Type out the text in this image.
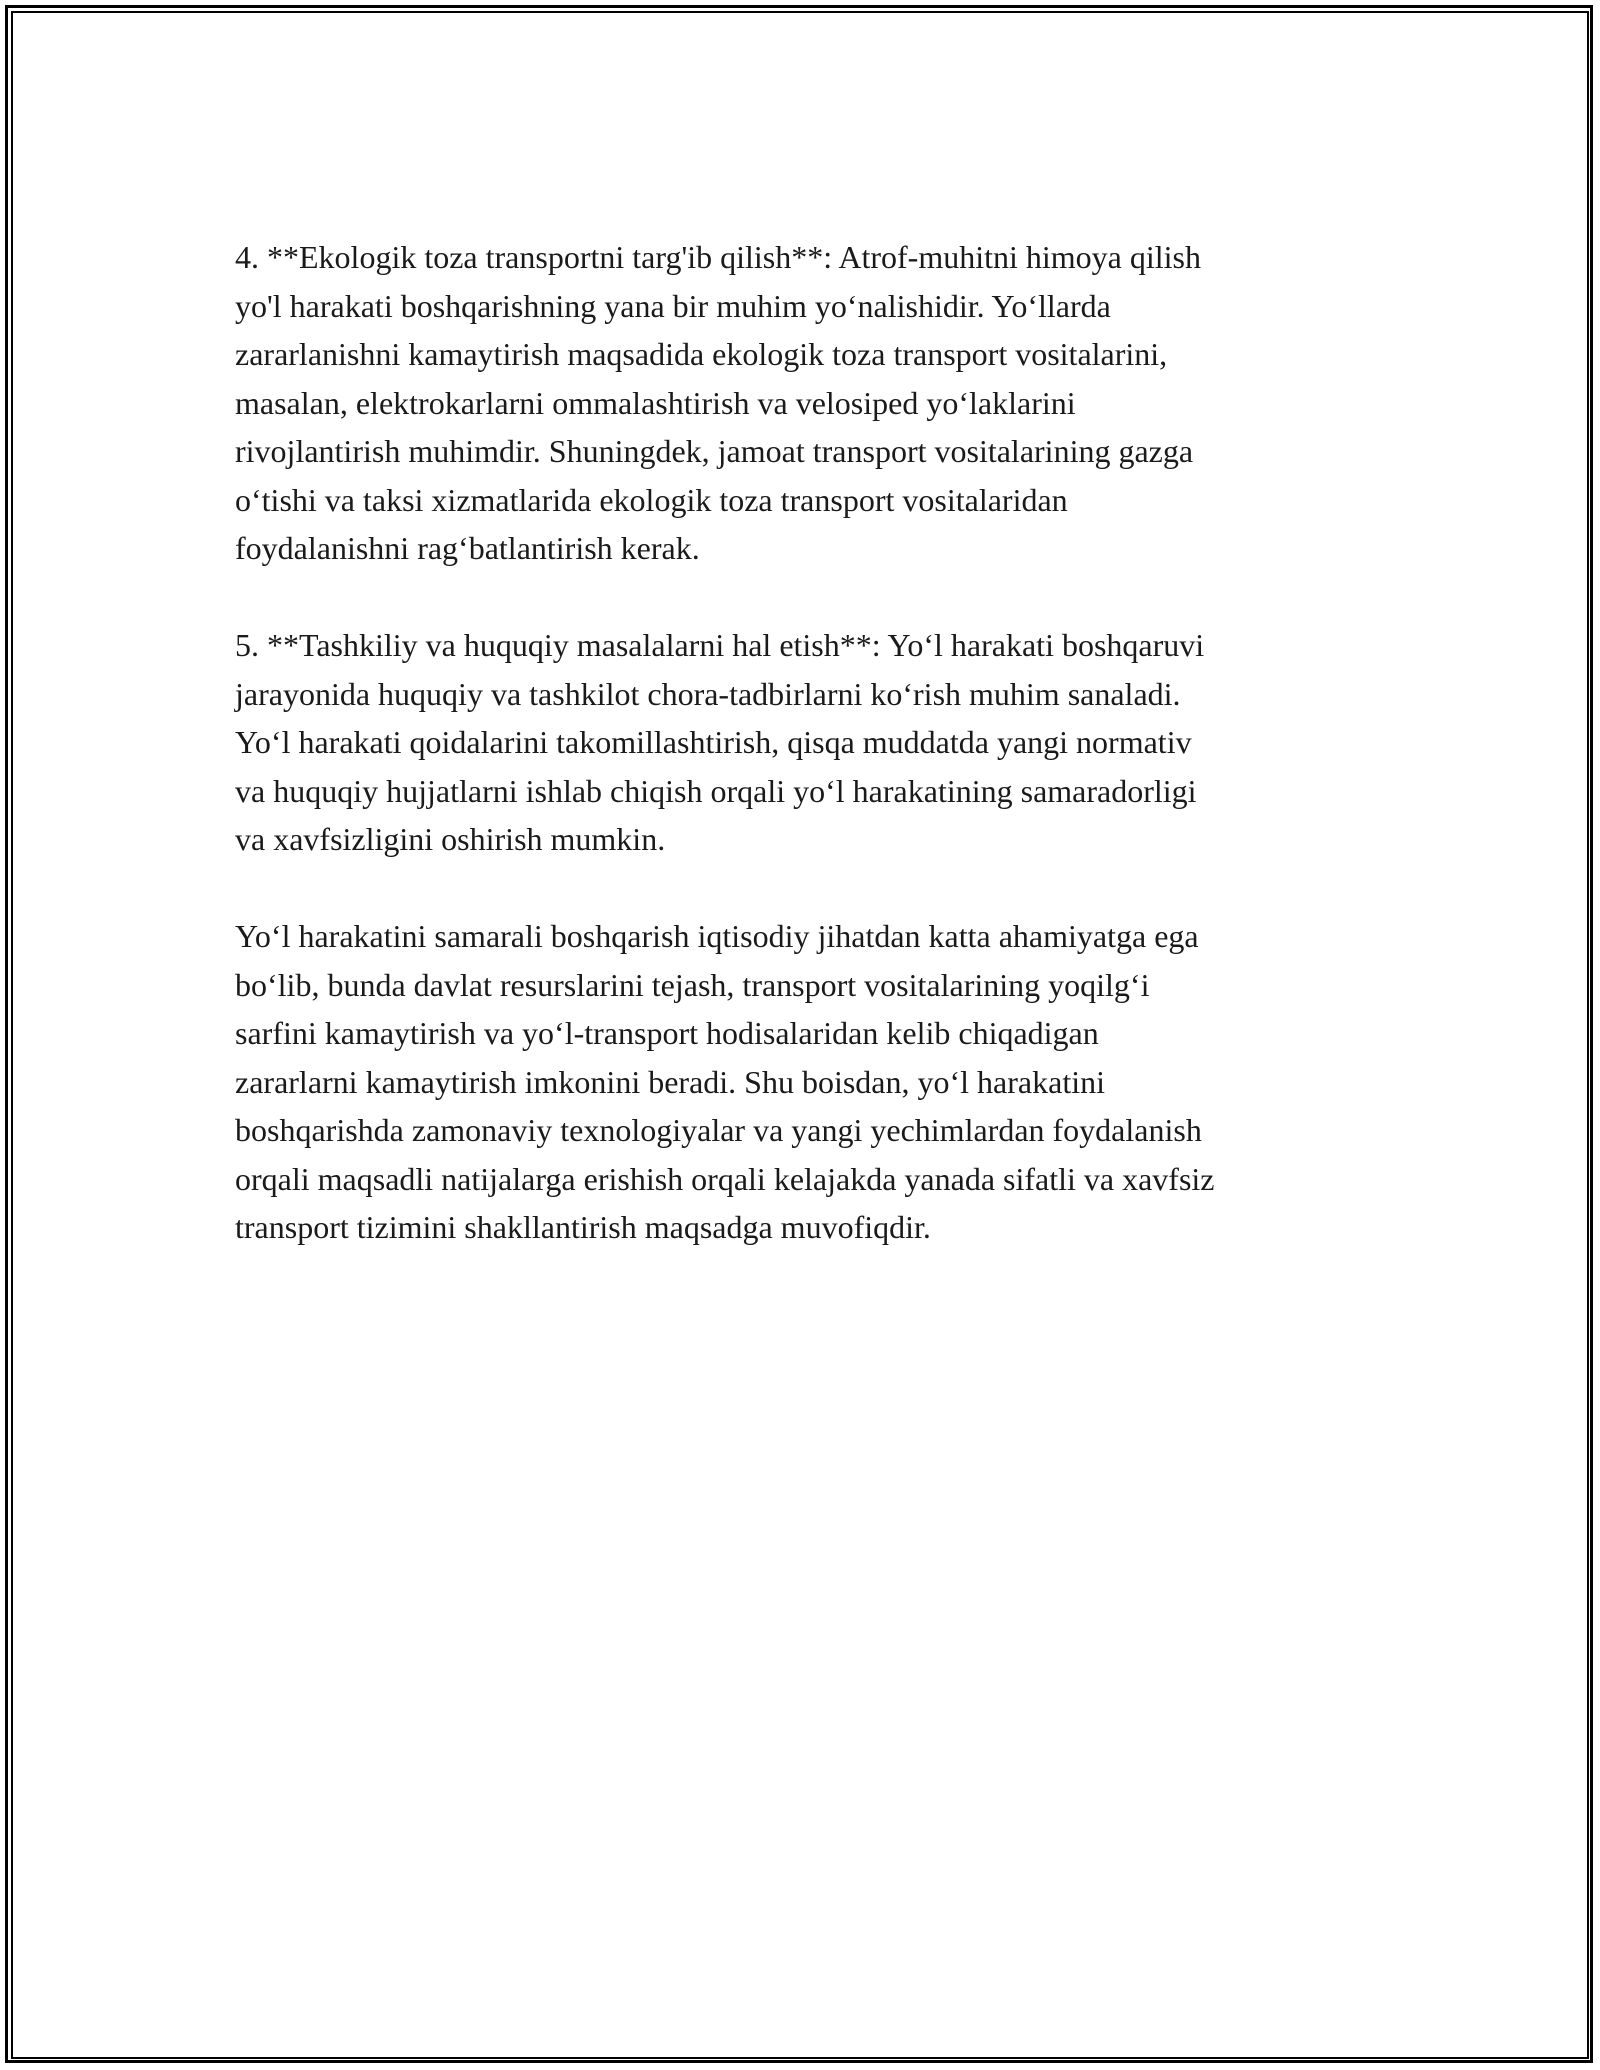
4. **Ekologik toza transportni targ'ib qilish**: Atrof-muhitni himoya qilish
yo'l harakati boshqarishning yana bir muhim yo‘nalishidir. Yo‘llarda
zararlanishni kamaytirish maqsadida ekologik toza transport vositalarini,
masalan, elektrokarlarni ommalashtirish va velosiped yo‘laklarini
rivojlantirish muhimdir. Shuningdek, jamoat transport vositalarining gazga
o‘tishi va taksi xizmatlarida ekologik toza transport vositalaridan
foydalanishni rag‘batlantirish kerak.

5. **Tashkiliy va huquqiy masalalarni hal etish**: Yo‘l harakati boshqaruvi
jarayonida huquqiy va tashkilot chora-tadbirlarni ko‘rish muhim sanaladi.
Yo‘l harakati qoidalarini takomillashtirish, qisqa muddatda yangi normativ
va huquqiy hujjatlarni ishlab chiqish orqali yo‘l harakatining samaradorligi
va xavfsizligini oshirish mumkin.

Yo‘l harakatini samarali boshqarish iqtisodiy jihatdan katta ahamiyatga ega
bo‘lib, bunda davlat resurslarini tejash, transport vositalarining yoqilg‘i
sarfini kamaytirish va yo‘l-transport hodisalaridan kelib chiqadigan
zararlarni kamaytirish imkonini beradi. Shu boisdan, yo‘l harakatini
boshqarishda zamonaviy texnologiyalar va yangi yechimlardan foydalanish
orqali maqsadli natijalarga erishish orqali kelajakda yanada sifatli va xavfsiz
transport tizimini shakllantirish maqsadga muvofiqdir.
